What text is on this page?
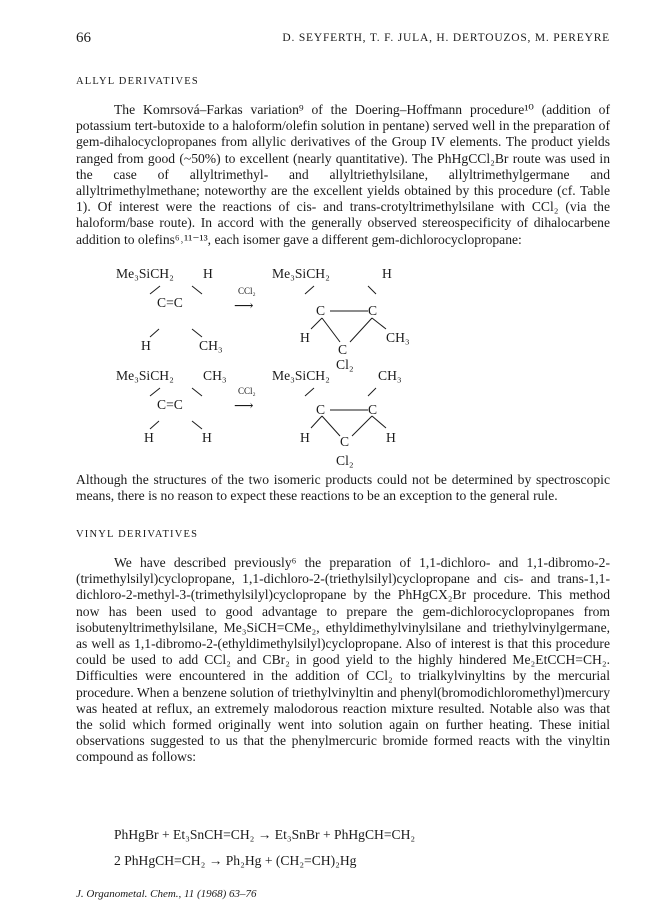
66	D. SEYFERTH, T. F. JULA, H. DERTOUZOS, M. PEREYRE
ALLYL DERIVATIVES

The Komrsová–Farkas variation⁹ of the Doering–Hoffmann procedure¹⁰ (addition of potassium tert-butoxide to a haloform/olefin solution in pentane) served well in the preparation of gem-dihalocyclopropanes from allylic derivatives of the Group IV elements. The product yields ranged from good (~50%) to excellent (nearly quantitative). The PhHgCCl₂Br route was used in the case of allyltrimethyl- and allyltriethylsilane, allyltrimethylgermane and allyltrimethylmethane; noteworthy are the excellent yields obtained by this procedure (cf. Table 1). Of interest were the reactions of cis- and trans-crotyltrimethylsilane with CCl₂ (via the haloform/base route). In accord with the generally observed stereospecificity of dihalocarbene addition to olefins⁶˒¹¹⁻¹³, each isomer gave a different gem-dichlorocyclopropane:

Me₃SiCH₂ H
C=C
H	CH₃
CCl₂
⟶
Me₃SiCH₂	H
C	C
H	CH₃
C
Cl₂
Me₃SiCH₂ CH₃
C=C
H	H
CCl₂
⟶
Me₃SiCH₂	CH₃
C	C
H	H
C
Cl₂

Although the structures of the two isomeric products could not be determined by spectroscopic means, there is no reason to expect these reactions to be an exception to the general rule.

VINYL DERIVATIVES

We have described previously⁶ the preparation of 1,1-dichloro- and 1,1-dibromo-2-(trimethylsilyl)cyclopropane, 1,1-dichloro-2-(triethylsilyl)cyclopropane and cis- and trans-1,1-dichloro-2-methyl-3-(trimethylsilyl)cyclopropane by the PhHgCX₂Br procedure. This method now has been used to good advantage to prepare the gem-dichlorocyclopropanes from isobutenyltrimethylsilane, Me₃SiCH=CMe₂, ethyldimethylvinylsilane and triethylvinylgermane, as well as 1,1-dibromo-2-(ethyldimethylsilyl)cyclopropane. Also of interest is that this procedure could be used to add CCl₂ and CBr₂ in good yield to the highly hindered Me₂EtCCH=CH₂. Difficulties were encountered in the addition of CCl₂ to trialkylvinyltins by the mercurial procedure. When a benzene solution of triethylvinyltin and phenyl(bromodichloromethyl)mercury was heated at reflux, an extremely malodorous reaction mixture resulted. Notable also was that the solid which formed originally went into solution again on further heating. These initial observations suggested to us that the phenylmercuric bromide formed reacts with the vinyltin compound as follows:

PhHgBr + Et₃SnCH=CH₂ → Et₃SnBr + PhHgCH=CH₂
2 PhHgCH=CH₂ → Ph₂Hg + (CH₂=CH)₂Hg
J. Organometal. Chem., 11 (1968) 63–76
